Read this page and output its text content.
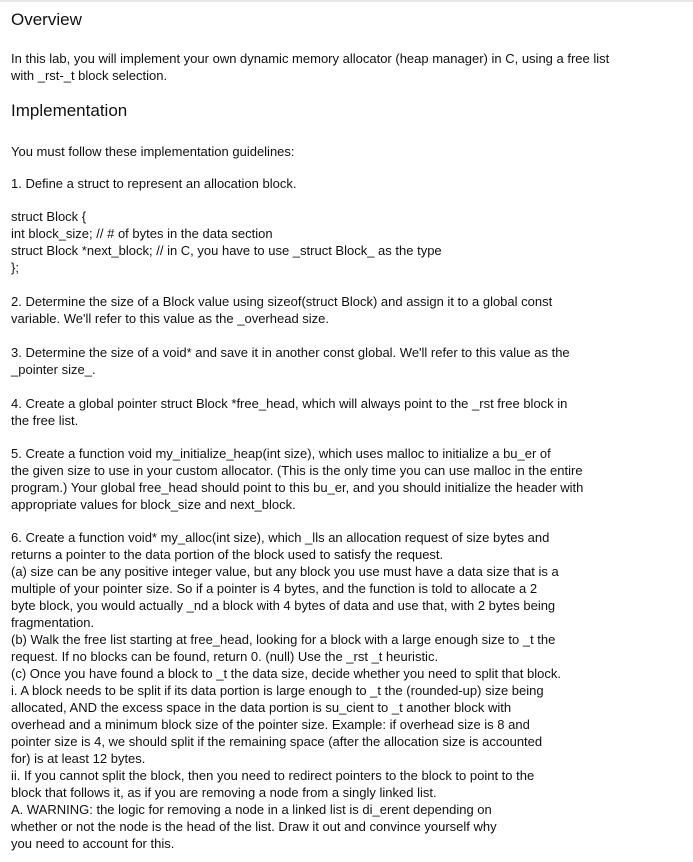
Overview

In this lab, you will implement your own dynamic memory allocator (heap manager) in C, using a free list
with _rst-_t block selection.

Implementation

You must follow these implementation guidelines:

1. Define a struct to represent an allocation block.

struct Block {
int block_size; // # of bytes in the data section
struct Block *next_block; // in C, you have to use _struct Block_ as the type
};

2. Determine the size of a Block value using sizeof(struct Block) and assign it to a global const
variable. We'll refer to this value as the _overhead size.

3. Determine the size of a void* and save it in another const global. We'll refer to this value as the
_pointer size_.

4. Create a global pointer struct Block *free_head, which will always point to the _rst free block in
the free list.

5. Create a function void my_initialize_heap(int size), which uses malloc to initialize a bu_er of
the given size to use in your custom allocator. (This is the only time you can use malloc in the entire
program.) Your global free_head should point to this bu_er, and you should initialize the header with
appropriate values for block_size and next_block.

6. Create a function void* my_alloc(int size), which _lls an allocation request of size bytes and
returns a pointer to the data portion of the block used to satisfy the request.
(a) size can be any positive integer value, but any block you use must have a data size that is a
multiple of your pointer size. So if a pointer is 4 bytes, and the function is told to allocate a 2
byte block, you would actually _nd a block with 4 bytes of data and use that, with 2 bytes being
fragmentation.
(b) Walk the free list starting at free_head, looking for a block with a large enough size to _t the
request. If no blocks can be found, return 0. (null) Use the _rst _t heuristic.
(c) Once you have found a block to _t the data size, decide whether you need to split that block.
i. A block needs to be split if its data portion is large enough to _t the (rounded-up) size being
allocated, AND the excess space in the data portion is su_cient to _t another block with
overhead and a minimum block size of the pointer size. Example: if overhead size is 8 and
pointer size is 4, we should split if the remaining space (after the allocation size is accounted
for) is at least 12 bytes.
ii. If you cannot split the block, then you need to redirect pointers to the block to point to the
block that follows it, as if you are removing a node from a singly linked list.
A. WARNING: the logic for removing a node in a linked list is di_erent depending on
whether or not the node is the head of the list. Draw it out and convince yourself why
you need to account for this.
